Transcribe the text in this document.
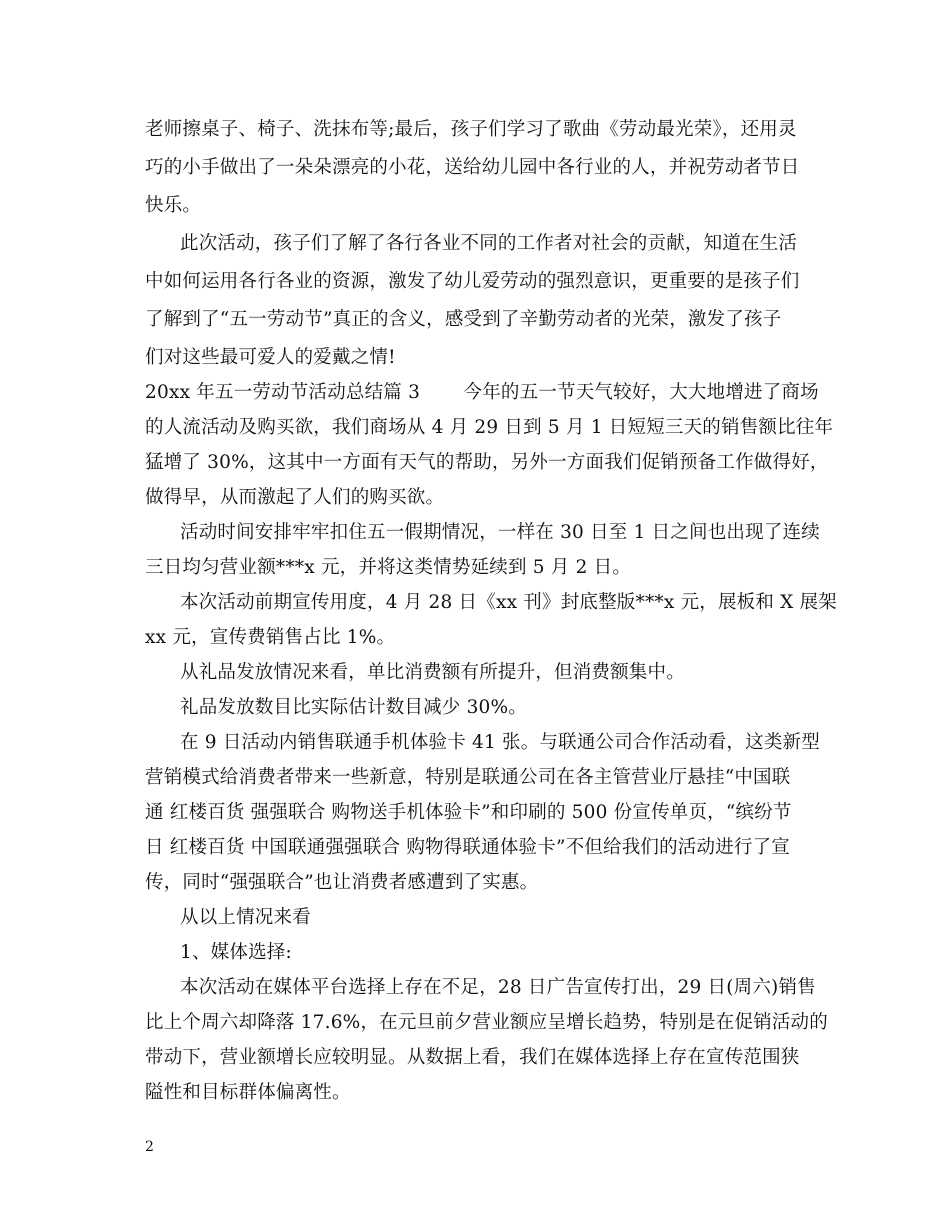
老师擦桌子、椅子、洗抹布等;最后，孩子们学习了歌曲《劳动最光荣》，还用灵
巧的小手做出了一朵朵漂亮的小花，送给幼儿园中各行业的人，并祝劳动者节日
快乐。
此次活动，孩子们了解了各行各业不同的工作者对社会的贡献，知道在生活
中如何运用各行各业的资源，激发了幼儿爱劳动的强烈意识，更重要的是孩子们
了解到了“五一劳动节”真正的含义，感受到了辛勤劳动者的光荣，激发了孩子
们对这些最可爱人的爱戴之情!
20xx 年五一劳动节活动总结篇 3　　 今年的五一节天气较好，大大地增进了商场
的人流活动及购买欲，我们商场从 4 月 29 日到 5 月 1 日短短三天的销售额比往年
猛增了 30%，这其中一方面有天气的帮助，另外一方面我们促销预备工作做得好，
做得早，从而激起了人们的购买欲。
活动时间安排牢牢扣住五一假期情况，一样在 30 日至 1 日之间也出现了连续
三日均匀营业额***x 元，并将这类情势延续到 5 月 2 日。
本次活动前期宣传用度，4 月 28 日《xx 刊》封底整版***x 元，展板和 X 展架
xx 元，宣传费销售占比 1%。
从礼品发放情况来看，单比消费额有所提升，但消费额集中。
礼品发放数目比实际估计数目减少 30%。
在 9 日活动内销售联通手机体验卡 41 张。与联通公司合作活动看，这类新型
营销模式给消费者带来一些新意，特别是联通公司在各主管营业厅悬挂“中国联
通 红楼百货 强强联合 购物送手机体验卡”和印刷的 500 份宣传单页，“缤纷节
日 红楼百货 中国联通强强联合 购物得联通体验卡”不但给我们的活动进行了宣
传，同时“强强联合”也让消费者感遭到了实惠。
从以上情况来看
1、媒体选择:
本次活动在媒体平台选择上存在不足，28 日广告宣传打出，29 日(周六)销售
比上个周六却降落 17.6%，在元旦前夕营业额应呈增长趋势，特别是在促销活动的
带动下，营业额增长应较明显。从数据上看，我们在媒体选择上存在宣传范围狭
隘性和目标群体偏离性。
2
